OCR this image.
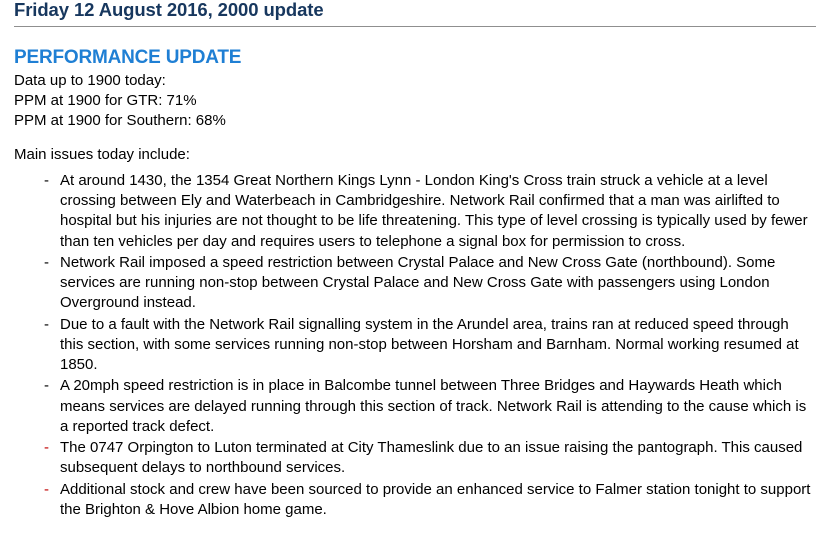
Friday 12 August 2016, 2000 update
PERFORMANCE UPDATE
Data up to 1900 today:
PPM at 1900 for GTR: 71%
PPM at 1900 for Southern: 68%
Main issues today include:
- At around 1430, the 1354 Great Northern Kings Lynn - London King's Cross train struck a vehicle at a level crossing between Ely and Waterbeach in Cambridgeshire. Network Rail confirmed that a man was airlifted to hospital but his injuries are not thought to be life threatening. This type of level crossing is typically used by fewer than ten vehicles per day and requires users to telephone a signal box for permission to cross.
- Network Rail imposed a speed restriction between Crystal Palace and New Cross Gate (northbound). Some services are running non-stop between Crystal Palace and New Cross Gate with passengers using London Overground instead.
- Due to a fault with the Network Rail signalling system in the Arundel area, trains ran at reduced speed through this section, with some services running non-stop between Horsham and Barnham. Normal working resumed at 1850.
- A 20mph speed restriction is in place in Balcombe tunnel between Three Bridges and Haywards Heath which means services are delayed running through this section of track. Network Rail is attending to the cause which is a reported track defect.
- The 0747 Orpington to Luton terminated at City Thameslink due to an issue raising the pantograph. This caused subsequent delays to northbound services.
- Additional stock and crew have been sourced to provide an enhanced service to Falmer station tonight to support the Brighton & Hove Albion home game.
